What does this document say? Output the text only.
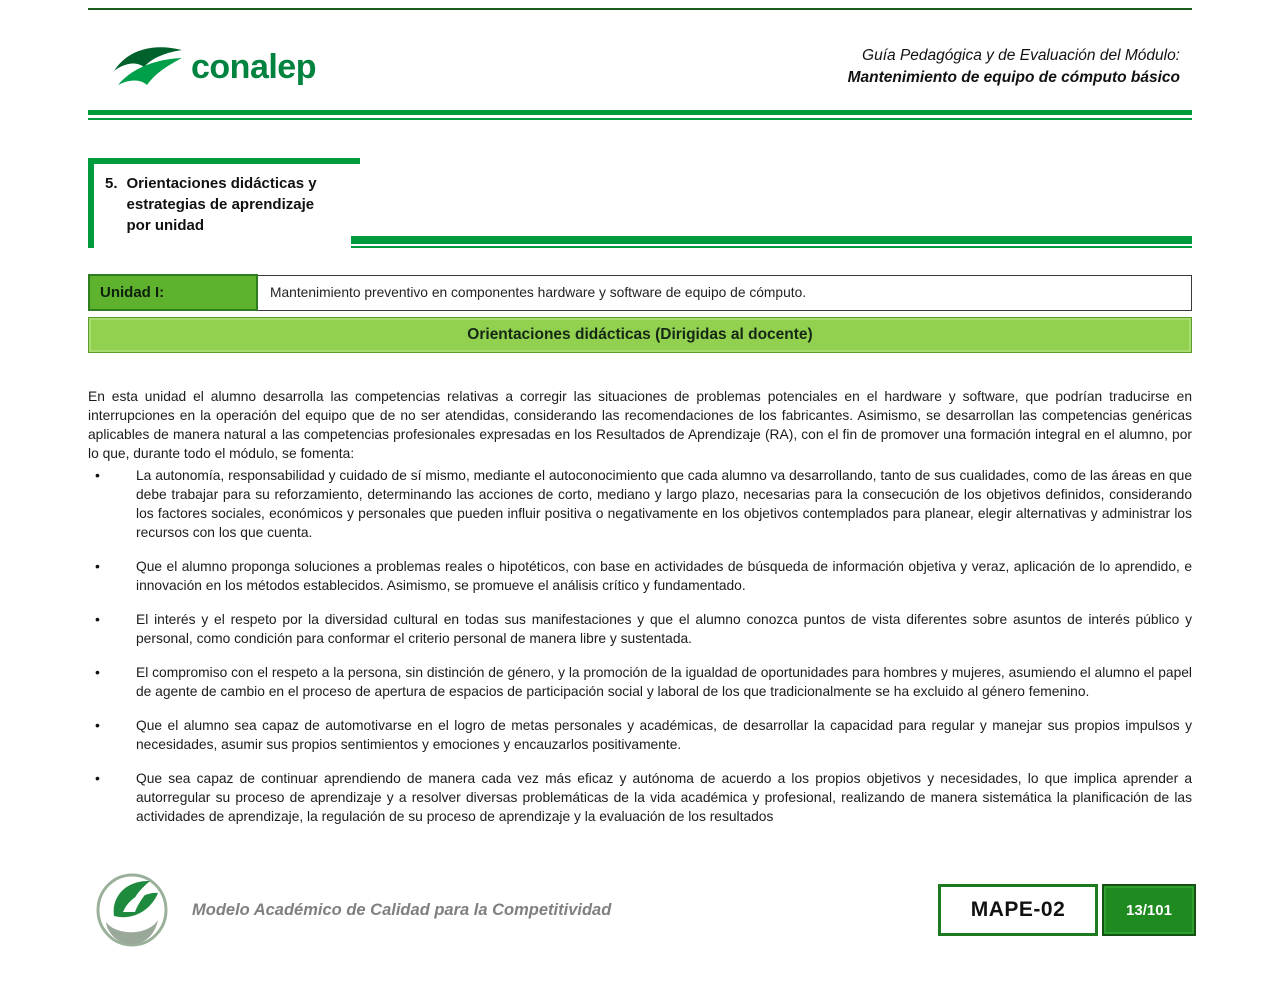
conalep	Guía Pedagógica y de Evaluación del Módulo:
Mantenimiento de equipo de cómputo básico
5. Orientaciones didácticas y estrategias de aprendizaje por unidad
Unidad I:	Mantenimiento preventivo en componentes hardware y software de equipo de cómputo.
Orientaciones didácticas (Dirigidas al docente)

En esta unidad el alumno desarrolla las competencias relativas a corregir las situaciones de problemas potenciales en el hardware y software, que podrían traducirse en interrupciones en la operación del equipo que de no ser atendidas, considerando las recomendaciones de los fabricantes. Asimismo, se desarrollan las competencias genéricas aplicables de manera natural a las competencias profesionales expresadas en los Resultados de Aprendizaje (RA), con el fin de promover una formación integral en el alumno, por lo que, durante todo el módulo, se fomenta:

• La autonomía, responsabilidad y cuidado de sí mismo, mediante el autoconocimiento que cada alumno va desarrollando, tanto de sus cualidades, como de las áreas en que debe trabajar para su reforzamiento, determinando las acciones de corto, mediano y largo plazo, necesarias para la consecución de los objetivos definidos, considerando los factores sociales, económicos y personales que pueden influir positiva o negativamente en los objetivos contemplados para planear, elegir alternativas y administrar los recursos con los que cuenta.
• Que el alumno proponga soluciones a problemas reales o hipotéticos, con base en actividades de búsqueda de información objetiva y veraz, aplicación de lo aprendido, e innovación en los métodos establecidos. Asimismo, se promueve el análisis crítico y fundamentado.
• El interés y el respeto por la diversidad cultural en todas sus manifestaciones y que el alumno conozca puntos de vista diferentes sobre asuntos de interés público y personal, como condición para conformar el criterio personal de manera libre y sustentada.
• El compromiso con el respeto a la persona, sin distinción de género, y la promoción de la igualdad de oportunidades para hombres y mujeres, asumiendo el alumno el papel de agente de cambio en el proceso de apertura de espacios de participación social y laboral de los que tradicionalmente se ha excluido al género femenino.
• Que el alumno sea capaz de automotivarse en el logro de metas personales y académicas, de desarrollar la capacidad para regular y manejar sus propios impulsos y necesidades, asumir sus propios sentimientos y emociones y encauzarlos positivamente.
• Que sea capaz de continuar aprendiendo de manera cada vez más eficaz y autónoma de acuerdo a los propios objetivos y necesidades, lo que implica aprender a autorregular su proceso de aprendizaje y a resolver diversas problemáticas de la vida académica y profesional, realizando de manera sistemática la planificación de las actividades de aprendizaje, la regulación de su proceso de aprendizaje y la evaluación de los resultados
Modelo Académico de Calidad para la Competitividad	MAPE-02	13/101
